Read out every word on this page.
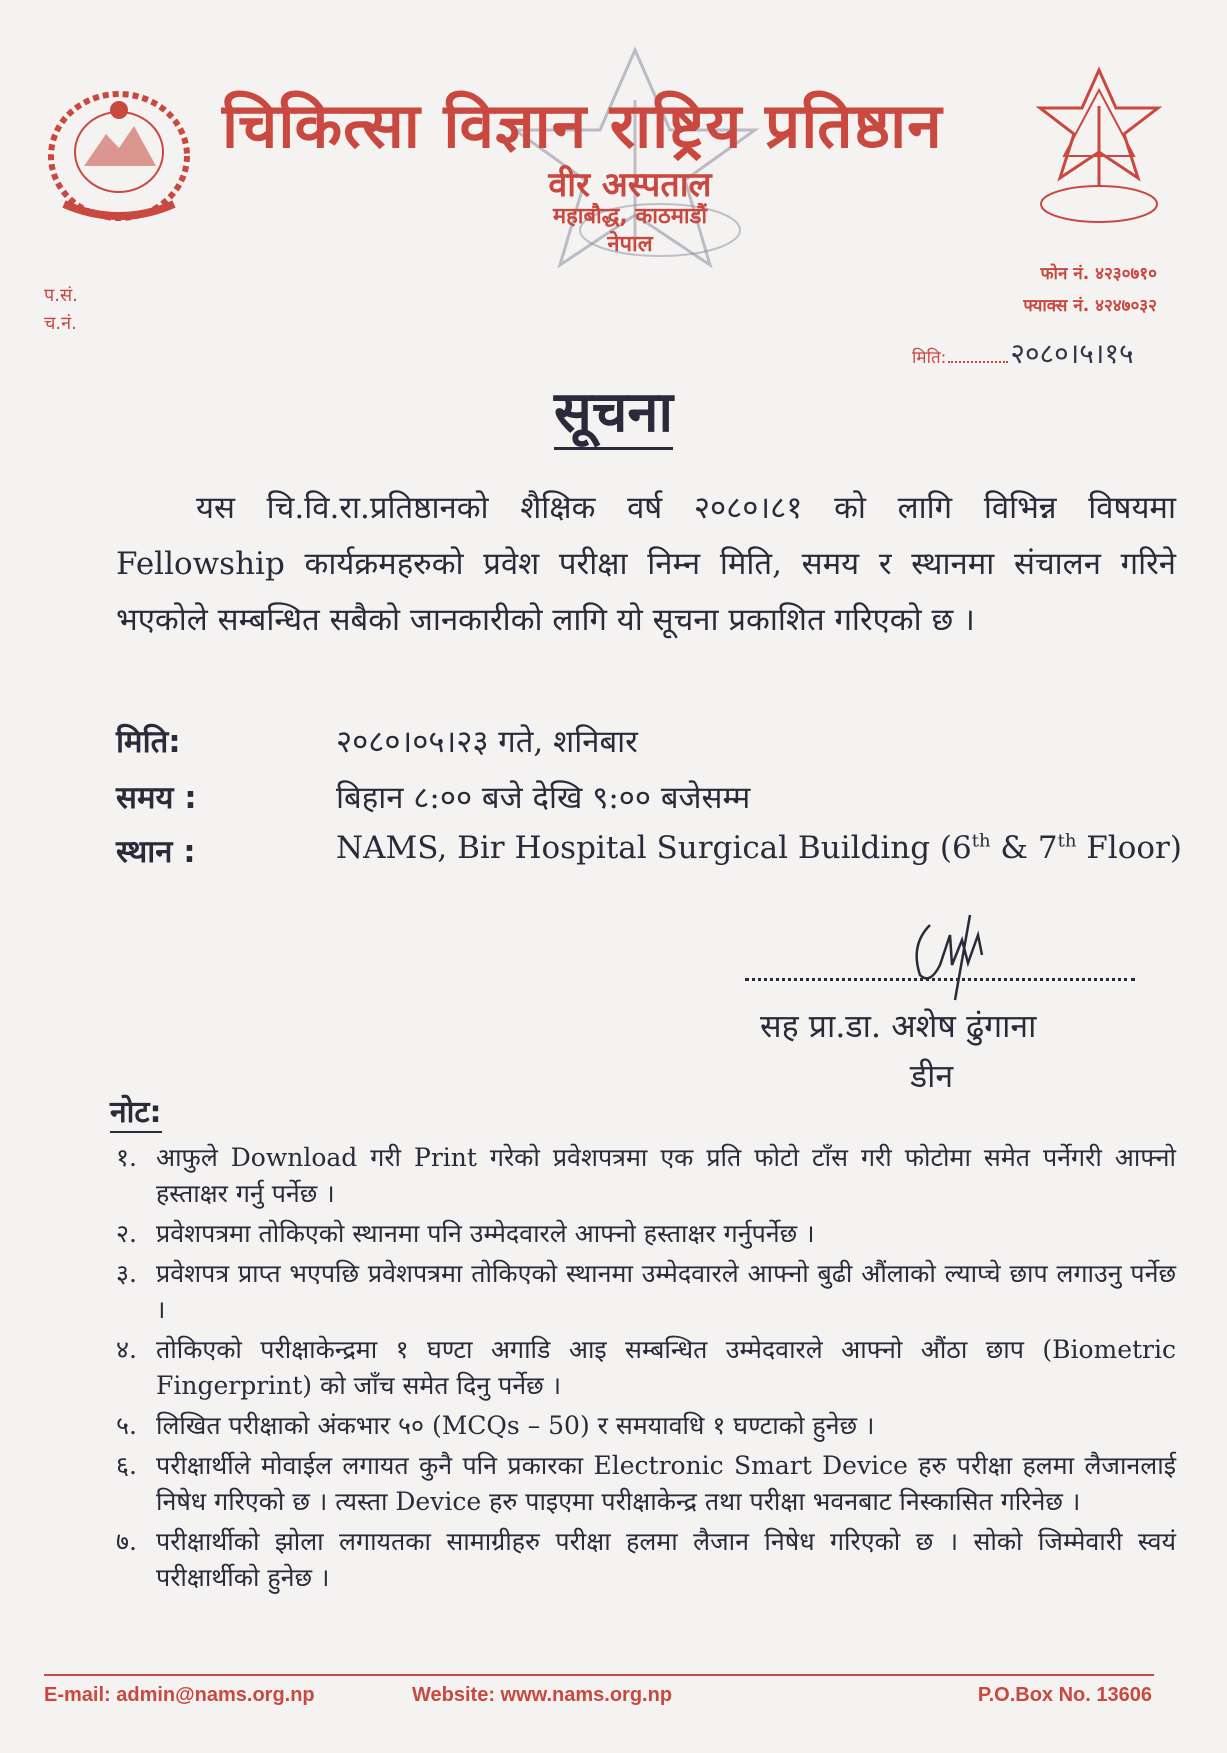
चिकित्सा विज्ञान राष्ट्रिय प्रतिष्ठान
वीर अस्पताल
महाबौद्ध, काठमाडौं
नेपाल
प.सं.
च.नं.
फोन नं. ४२३०७१०
फ्याक्स नं. ४२४७०३२
मिति: २०८०।५।१५
सूचना
यस चि.वि.रा.प्रतिष्ठानको शैक्षिक वर्ष २०८०।८१ को लागि विभिन्न विषयमा Fellowship कार्यक्रमहरुको प्रवेश परीक्षा निम्न मिति, समय र स्थानमा संचालन गरिने भएकोले सम्बन्धित सबैको जानकारीको लागि यो सूचना प्रकाशित गरिएको छ ।
मिति:	२०८०।०५।२३ गते, शनिबार
समय :	बिहान ८:०० बजे देखि ९:०० बजेसम्म
स्थान :	NAMS, Bir Hospital Surgical Building (6th & 7th Floor)
सह प्रा.डा. अशेष ढुंगाना
डीन
नोट:
१. आफुले Download गरी Print गरेको प्रवेशपत्रमा एक प्रति फोटो टाँस गरी फोटोमा समेत पर्नेगरी आफ्नो हस्ताक्षर गर्नु पर्नेछ ।
२. प्रवेशपत्रमा तोकिएको स्थानमा पनि उम्मेदवारले आफ्नो हस्ताक्षर गर्नुपर्नेछ ।
३. प्रवेशपत्र प्राप्त भएपछि प्रवेशपत्रमा तोकिएको स्थानमा उम्मेदवारले आफ्नो बुढी औंलाको ल्याप्चे छाप लगाउनु पर्नेछ ।
४. तोकिएको परीक्षाकेन्द्रमा १ घण्टा अगाडि आइ सम्बन्धित उम्मेदवारले आफ्नो औंठा छाप (Biometric Fingerprint) को जाँच समेत दिनु पर्नेछ ।
५. लिखित परीक्षाको अंकभार ५० (MCQs – 50) र समयावधि १ घण्टाको हुनेछ ।
६. परीक्षार्थीले मोवाईल लगायत कुनै पनि प्रकारका Electronic Smart Device हरु परीक्षा हलमा लैजानलाई निषेध गरिएको छ । त्यस्ता Device हरु पाइएमा परीक्षाकेन्द्र तथा परीक्षा भवनबाट निस्कासित गरिनेछ ।
७. परीक्षार्थीको झोला लगायतका सामाग्रीहरु परीक्षा हलमा लैजान निषेध गरिएको छ । सोको जिम्मेवारी स्वयं परीक्षार्थीको हुनेछ ।
E-mail: admin@nams.org.np	Website: www.nams.org.np	P.O.Box No. 13606
